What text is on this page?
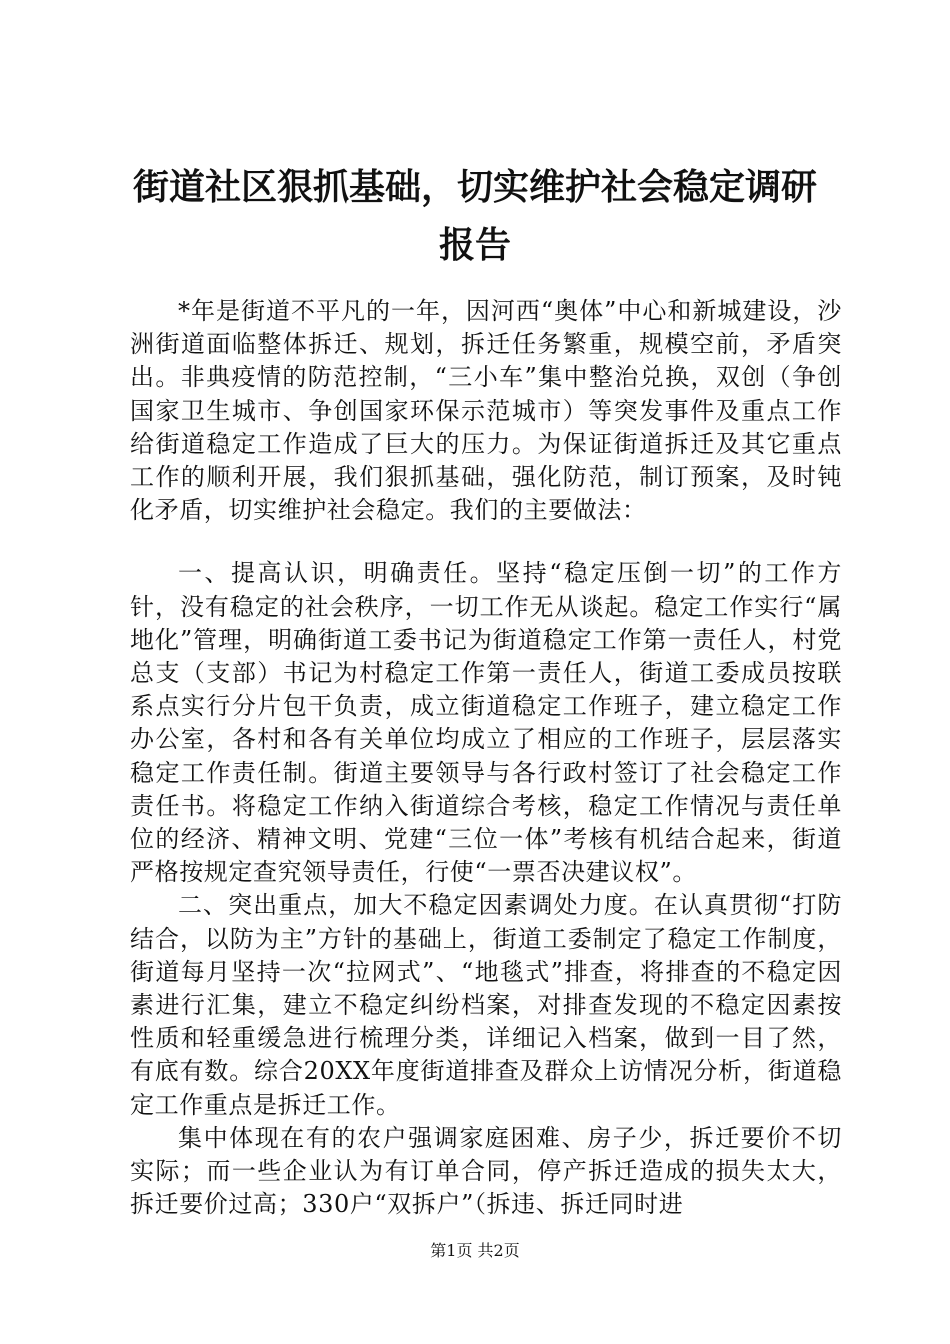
街道社区狠抓基础，切实维护社会稳定调研报告

*年是街道不平凡的一年，因河西“奥体”中心和新城建设，沙洲街道面临整体拆迁、规划，拆迁任务繁重，规模空前，矛盾突出。非典疫情的防范控制，“三小车”集中整治兑换，双创（争创国家卫生城市、争创国家环保示范城市）等突发事件及重点工作给街道稳定工作造成了巨大的压力。为保证街道拆迁及其它重点工作的顺利开展，我们狠抓基础，强化防范，制订预案，及时钝化矛盾，切实维护社会稳定。我们的主要做法：

一、提高认识，明确责任。坚持“稳定压倒一切”的工作方针，没有稳定的社会秩序，一切工作无从谈起。稳定工作实行“属地化”管理，明确街道工委书记为街道稳定工作第一责任人，村党总支（支部）书记为村稳定工作第一责任人，街道工委成员按联系点实行分片包干负责，成立街道稳定工作班子，建立稳定工作办公室，各村和各有关单位均成立了相应的工作班子，层层落实稳定工作责任制。街道主要领导与各行政村签订了社会稳定工作责任书。将稳定工作纳入街道综合考核，稳定工作情况与责任单位的经济、精神文明、党建“三位一体”考核有机结合起来，街道严格按规定查究领导责任，行使“一票否决建议权”。

二、突出重点，加大不稳定因素调处力度。在认真贯彻“打防结合，以防为主”方针的基础上，街道工委制定了稳定工作制度，街道每月坚持一次“拉网式”、“地毯式”排查，将排查的不稳定因素进行汇集，建立不稳定纠纷档案，对排查发现的不稳定因素按性质和轻重缓急进行梳理分类，详细记入档案，做到一目了然，有底有数。综合20XX年度街道排查及群众上访情况分析，街道稳定工作重点是拆迁工作。

集中体现在有的农户强调家庭困难、房子少，拆迁要价不切实际；而一些企业认为有订单合同，停产拆迁造成的损失太大，拆迁要价过高；330户“双拆户”（拆违、拆迁同时进

第1页 共2页
